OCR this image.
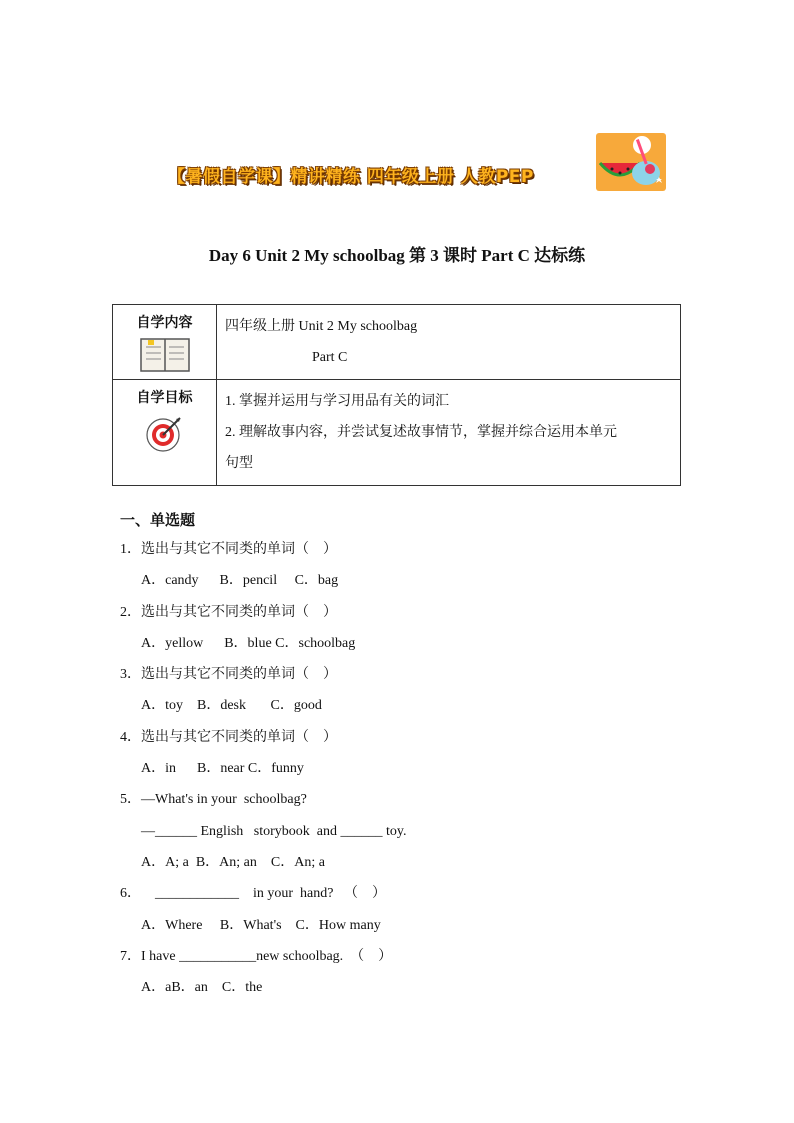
【暑假自学课】精讲精练 四年级上册 人教PEP
Day 6 Unit 2 My schoolbag 第 3 课时 Part C 达标练
自学内容	四年级上册 Unit 2 My schoolbag
Part C

自学目标	1. 掌握并运用与学习用品有关的词汇
2. 理解故事内容，并尝试复述故事情节，掌握并综合运用本单元
句型
一、单选题
1．选出与其它不同类的单词（    ）
A．candy      B．pencil     C．bag
2．选出与其它不同类的单词（    ）
A．yellow      B．blue C．schoolbag
3．选出与其它不同类的单词（    ）
A．toy    B．desk       C．good
4．选出与其它不同类的单词（    ）
A．in      B．near C．funny
5．—What's in your  schoolbag?
—______ English   storybook  and ______ toy.
A．A; a  B．An; an    C．An; a
6．    ____________    in your  hand?   （    ）
A．Where     B．What's    C．How many
7．I have ___________new schoolbag.  （    ）
A．aB．an    C．the
